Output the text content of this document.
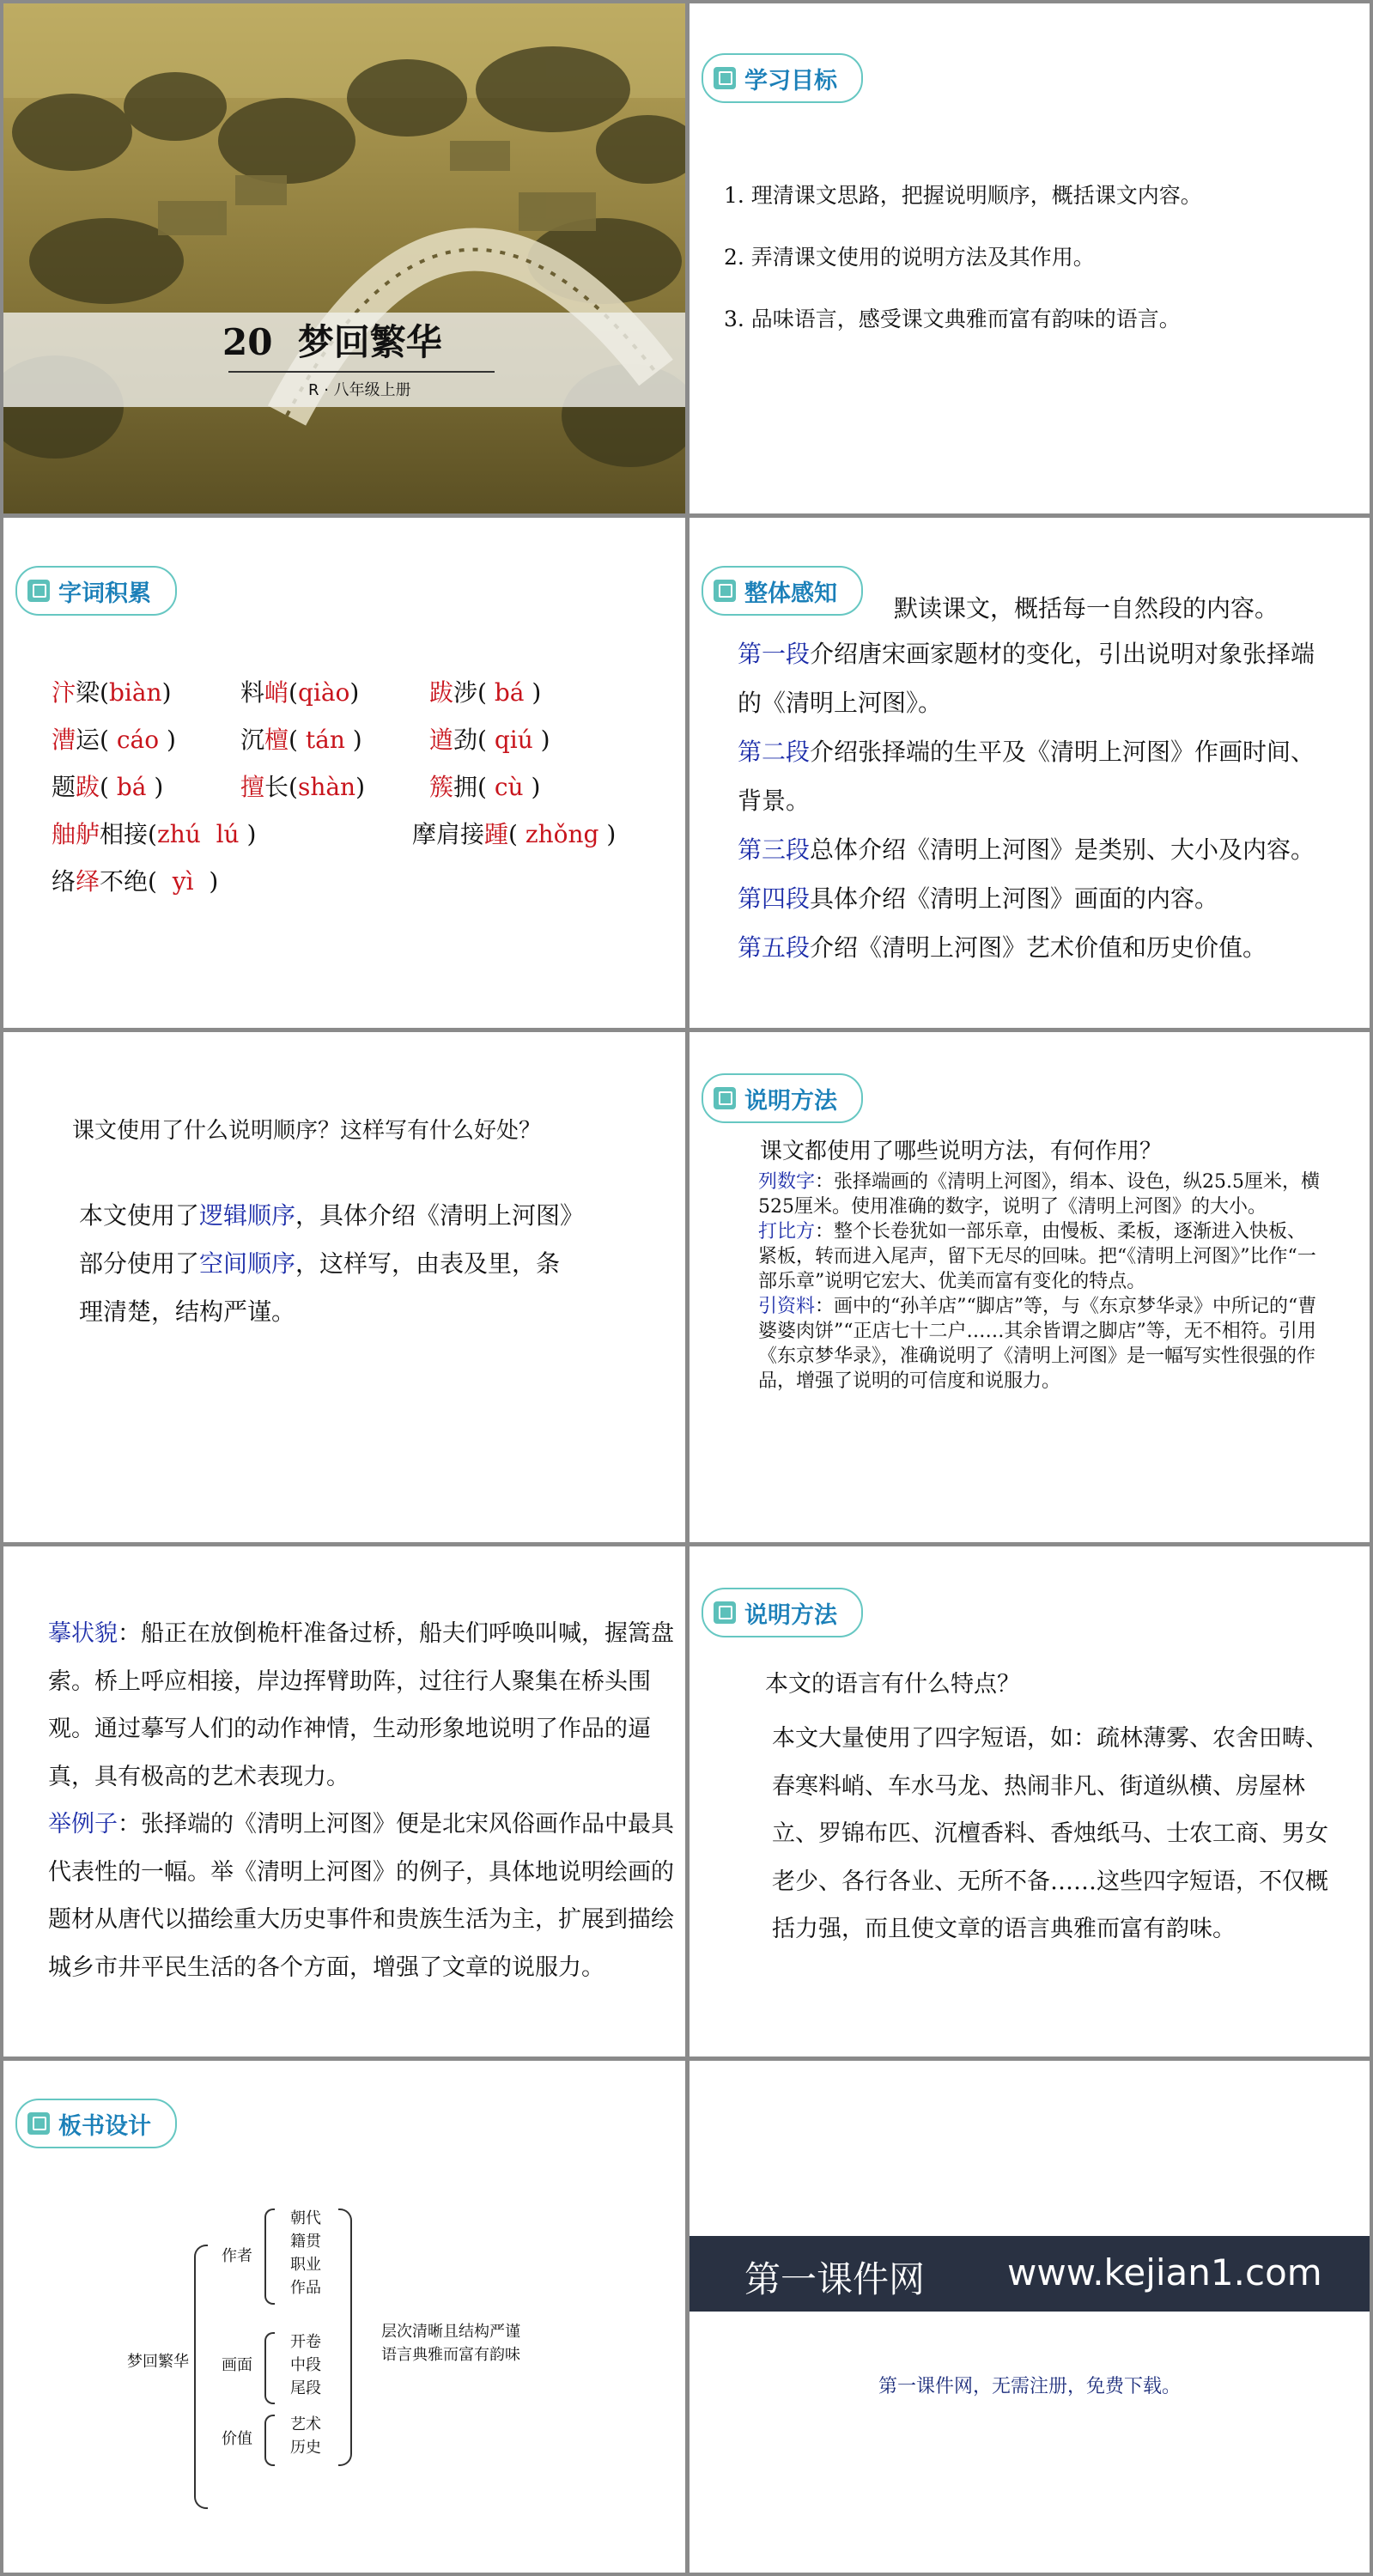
20  梦回繁华
R · 八年级上册
学习目标
1. 理清课文思路，把握说明顺序，概括课文内容。
2. 弄清课文使用的说明方法及其作用。
3. 品味语言，感受课文典雅而富有韵味的语言。
字词积累
汴梁(biàn)	料峭(qiào)	跋涉( bá )
漕运( cáo )	沉檀( tán )	遒劲( qiú )
题跋( bá )	擅长(shàn)	簇拥( cù )
舳舻相接(zhú  lú )	摩肩接踵( zhǒng )
络绎不绝(  yì  )
整体感知
默读课文，概括每一自然段的内容。
第一段介绍唐宋画家题材的变化，引出说明对象张择端的《清明上河图》。
第二段介绍张择端的生平及《清明上河图》作画时间、背景。
第三段总体介绍《清明上河图》是类别、大小及内容。
第四段具体介绍《清明上河图》画面的内容。
第五段介绍《清明上河图》艺术价值和历史价值。
课文使用了什么说明顺序？这样写有什么好处？
本文使用了逻辑顺序，具体介绍《清明上河图》
部分使用了空间顺序，这样写，由表及里，条
理清楚，结构严谨。
说明方法
课文都使用了哪些说明方法，有何作用？
列数字：张择端画的《清明上河图》，绢本、设色，纵25.5厘米，横525厘米。使用准确的数字，说明了《清明上河图》的大小。
打比方：整个长卷犹如一部乐章，由慢板、柔板，逐渐进入快板、紧板，转而进入尾声，留下无尽的回味。把“《清明上河图》”比作“一部乐章”说明它宏大、优美而富有变化的特点。
引资料：画中的“孙羊店”“脚店”等，与《东京梦华录》中所记的“曹婆婆肉饼”“正店七十二户……其余皆谓之脚店”等，无不相符。引用《东京梦华录》，准确说明了《清明上河图》是一幅写实性很强的作品，增强了说明的可信度和说服力。
摹状貌：船正在放倒桅杆准备过桥，船夫们呼唤叫喊，握篙盘索。桥上呼应相接，岸边挥臂助阵，过往行人聚集在桥头围观。通过摹写人们的动作神情，生动形象地说明了作品的逼真，具有极高的艺术表现力。
举例子：张择端的《清明上河图》便是北宋风俗画作品中最具代表性的一幅。举《清明上河图》的例子，具体地说明绘画的题材从唐代以描绘重大历史事件和贵族生活为主，扩展到描绘城乡市井平民生活的各个方面，增强了文章的说服力。
说明方法
本文的语言有什么特点？
本文大量使用了四字短语，如：疏林薄雾、农舍田畴、春寒料峭、车水马龙、热闹非凡、街道纵横、房屋林立、罗锦布匹、沉檀香料、香烛纸马、士农工商、男女老少、各行各业、无所不备……这些四字短语，不仅概括力强，而且使文章的语言典雅而富有韵味。
板书设计
梦回繁华
作者
朝代
籍贯
职业
作品
画面
开卷
中段
尾段
价值
艺术
历史
层次清晰且结构严谨
语言典雅而富有韵味
第一课件网 www.kejian1.com
第一课件网，无需注册，免费下载。
